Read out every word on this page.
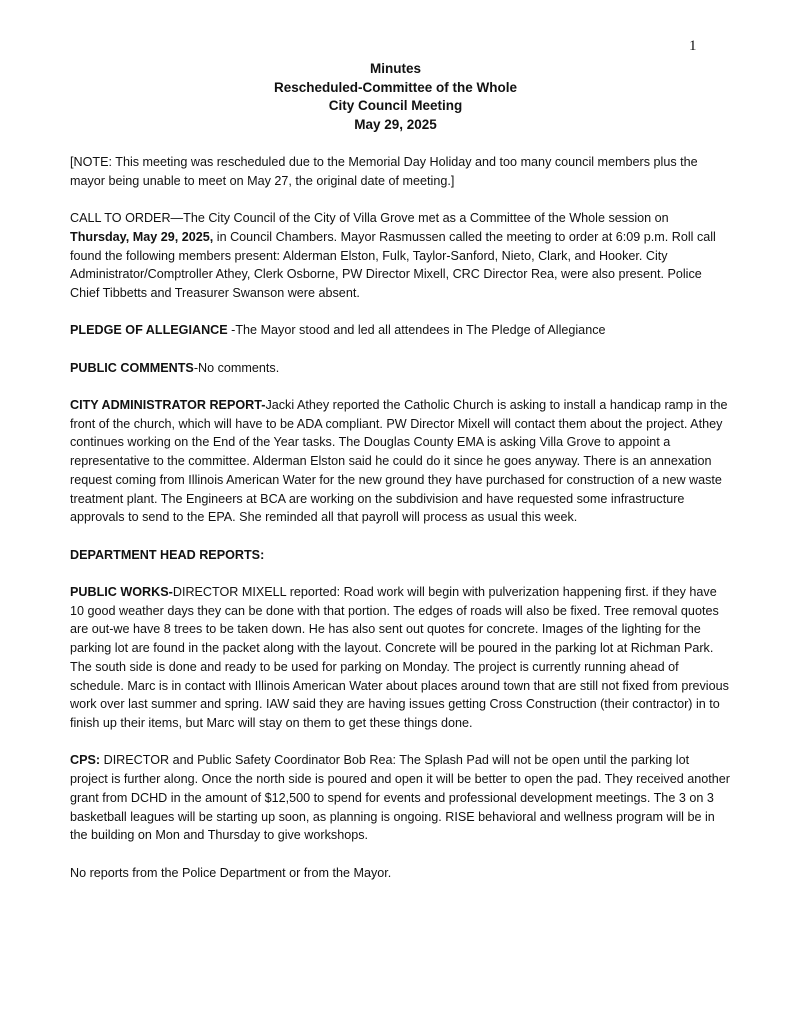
1
Minutes
Rescheduled-Committee of the Whole
City Council Meeting
May 29, 2025

[NOTE: This meeting was rescheduled due to the Memorial Day Holiday and too many council members plus the mayor being unable to meet on May 27, the original date of meeting.]

CALL TO ORDER—The City Council of the City of Villa Grove met as a Committee of the Whole session on Thursday, May 29, 2025, in Council Chambers. Mayor Rasmussen called the meeting to order at 6:09 p.m. Roll call found the following members present: Alderman Elston, Fulk, Taylor-Sanford, Nieto, Clark, and Hooker. City Administrator/Comptroller Athey, Clerk Osborne, PW Director Mixell, CRC Director Rea, were also present. Police Chief Tibbetts and Treasurer Swanson were absent.

PLEDGE OF ALLEGIANCE -The Mayor stood and led all attendees in The Pledge of Allegiance

PUBLIC COMMENTS-No comments.

CITY ADMINISTRATOR REPORT-Jacki Athey reported the Catholic Church is asking to install a handicap ramp in the front of the church, which will have to be ADA compliant. PW Director Mixell will contact them about the project. Athey continues working on the End of the Year tasks. The Douglas County EMA is asking Villa Grove to appoint a representative to the committee. Alderman Elston said he could do it since he goes anyway. There is an annexation request coming from Illinois American Water for the new ground they have purchased for construction of a new waste treatment plant. The Engineers at BCA are working on the subdivision and have requested some infrastructure approvals to send to the EPA. She reminded all that payroll will process as usual this week.

DEPARTMENT HEAD REPORTS:

PUBLIC WORKS-DIRECTOR MIXELL reported: Road work will begin with pulverization happening first. if they have 10 good weather days they can be done with that portion. The edges of roads will also be fixed. Tree removal quotes are out-we have 8 trees to be taken down. He has also sent out quotes for concrete. Images of the lighting for the parking lot are found in the packet along with the layout. Concrete will be poured in the parking lot at Richman Park. The south side is done and ready to be used for parking on Monday. The project is currently running ahead of schedule. Marc is in contact with Illinois American Water about places around town that are still not fixed from previous work over last summer and spring. IAW said they are having issues getting Cross Construction (their contractor) in to finish up their items, but Marc will stay on them to get these things done.

CPS: DIRECTOR and Public Safety Coordinator Bob Rea: The Splash Pad will not be open until the parking lot project is further along. Once the north side is poured and open it will be better to open the pad. They received another grant from DCHD in the amount of $12,500 to spend for events and professional development meetings. The 3 on 3 basketball leagues will be starting up soon, as planning is ongoing. RISE behavioral and wellness program will be in the building on Mon and Thursday to give workshops.

No reports from the Police Department or from the Mayor.
